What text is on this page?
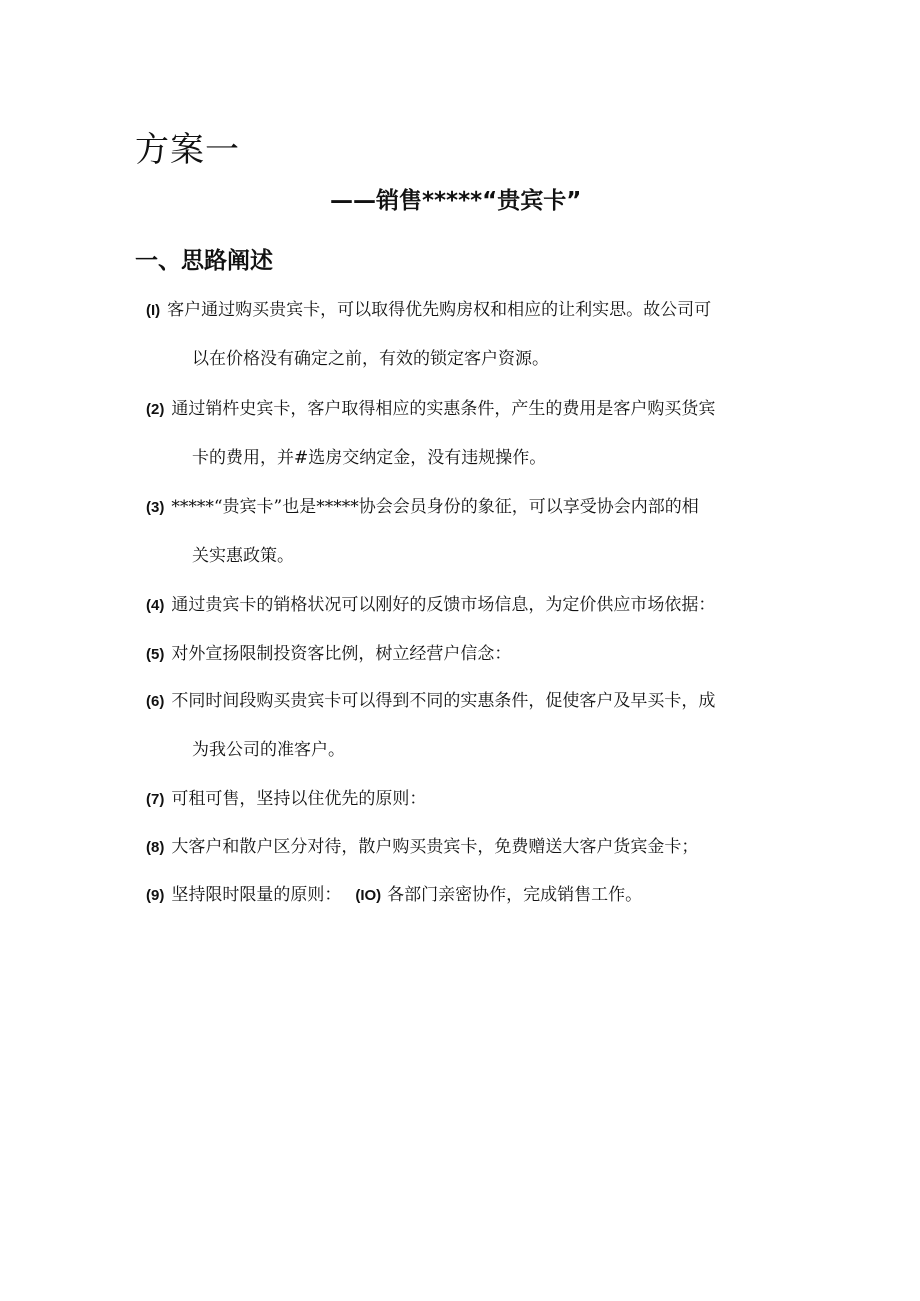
方案一
——销售*****“贵宾卡”
一、思路阐述
(I) 客户通过购买贵宾卡，可以取得优先购房权和相应的让利实思。故公司可
以在价格没有确定之前，有效的锁定客户资源。
(2) 通过销杵史宾卡，客户取得相应的实惠条件，产生的费用是客户购买货宾
卡的费用，并#选房交纳定金，没有违规操作。
(3) *****“贵宾卡”也是*****协会会员身份的象征，可以享受协会内部的相
关实惠政策。
(4) 通过贵宾卡的销格状况可以刚好的反馈市场信息，为定价供应市场依据：
(5) 对外宣扬限制投资客比例，树立经营户信念：
(6) 不同时间段购买贵宾卡可以得到不同的实惠条件，促使客户及早买卡，成
为我公司的准客户。
(7) 可租可售，坚持以住优先的原则：
(8) 大客户和散户区分对待，散户购买贵宾卡，免费赠送大客户货宾金卡；
(9) 坚持限时限量的原则： (IO) 各部门亲密协作，完成销售工作。
